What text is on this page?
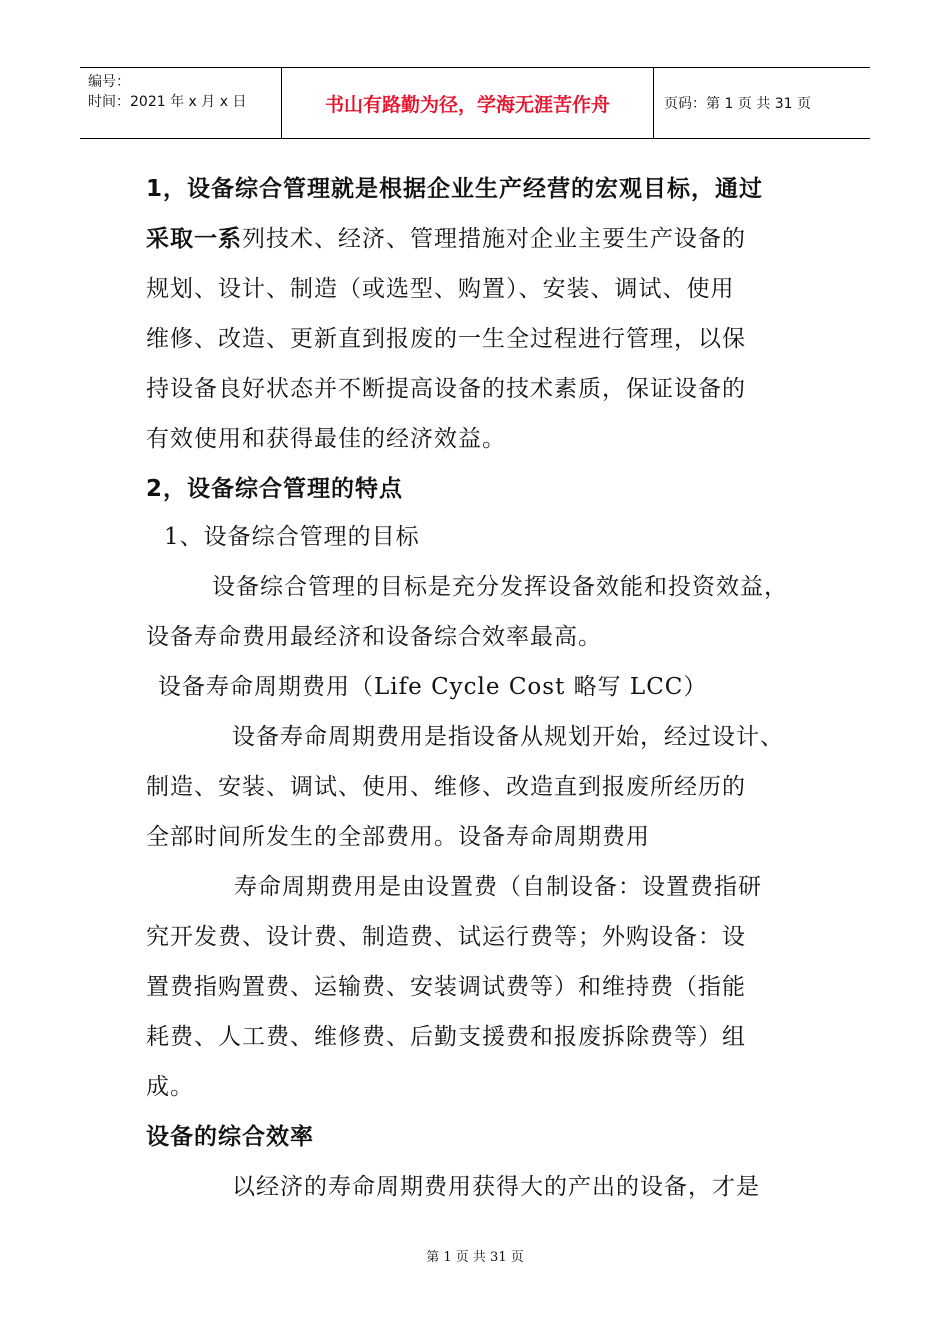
编号：
时间：2021 年 x 月 x 日	书山有路勤为径，学海无涯苦作舟	页码：第 1 页 共 31 页
1，设备综合管理就是根据企业生产经营的宏观目标，通过
采取一系列技术、经济、管理措施对企业主要生产设备的
规划、设计、制造（或选型、购置）、安装、调试、使用
维修、改造、更新直到报废的一生全过程进行管理，以保
持设备良好状态并不断提高设备的技术素质，保证设备的
有效使用和获得最佳的经济效益。
2，设备综合管理的特点
1、设备综合管理的目标
设备综合管理的目标是充分发挥设备效能和投资效益，
设备寿命费用最经济和设备综合效率最高。
设备寿命周期费用（Life Cycle Cost 略写 LCC）
设备寿命周期费用是指设备从规划开始，经过设计、
制造、安装、调试、使用、维修、改造直到报废所经历的
全部时间所发生的全部费用。设备寿命周期费用
寿命周期费用是由设置费（自制设备：设置费指研
究开发费、设计费、制造费、试运行费等；外购设备：设
置费指购置费、运输费、安装调试费等）和维持费（指能
耗费、人工费、维修费、后勤支援费和报废拆除费等）组
成。
设备的综合效率
以经济的寿命周期费用获得大的产出的设备，才是
第 1 页 共 31 页
